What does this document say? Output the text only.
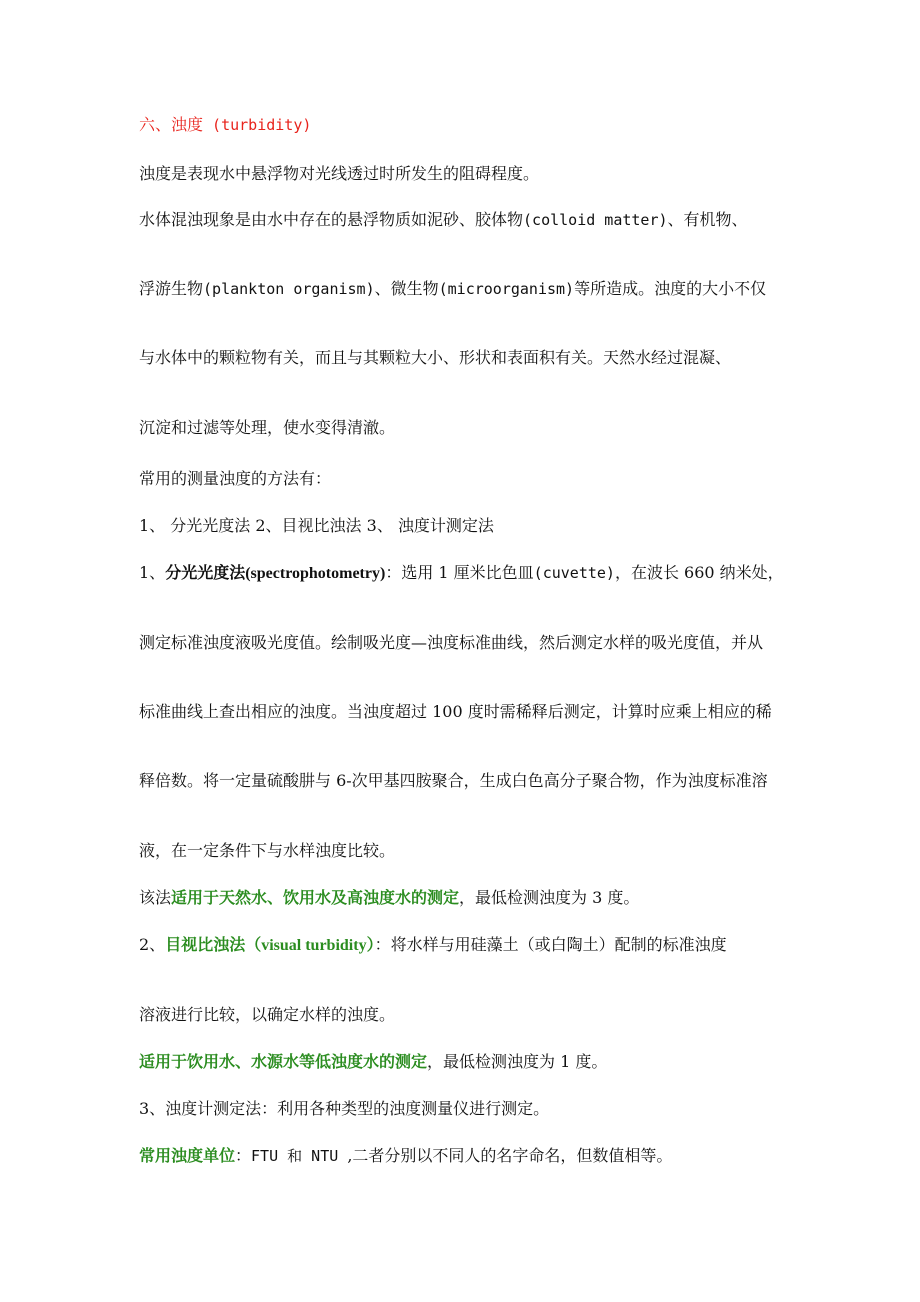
六、浊度 (turbidity)
浊度是表现水中悬浮物对光线透过时所发生的阻碍程度。
水体混浊现象是由水中存在的悬浮物质如泥砂、胶体物(colloid matter)、有机物、
浮游生物(plankton organism)、微生物(microorganism)等所造成。浊度的大小不仅
与水体中的颗粒物有关，而且与其颗粒大小、形状和表面积有关。天然水经过混凝、
沉淀和过滤等处理，使水变得清澈。
常用的测量浊度的方法有：
1、 分光光度法 2、目视比浊法 3、 浊度计测定法
1、分光光度法(spectrophotometry)：选用 1 厘米比色皿(cuvette)，在波长 660 纳米处，
测定标准浊度液吸光度值。绘制吸光度—浊度标准曲线，然后测定水样的吸光度值，并从
标准曲线上查出相应的浊度。当浊度超过 100 度时需稀释后测定，计算时应乘上相应的稀
释倍数。将一定量硫酸肼与 6-次甲基四胺聚合，生成白色高分子聚合物，作为浊度标准溶
液，在一定条件下与水样浊度比较。
该法适用于天然水、饮用水及高浊度水的测定，最低检测浊度为 3 度。
2、目视比浊法（visual turbidity）：将水样与用硅藻土（或白陶土）配制的标准浊度
溶液进行比较，以确定水样的浊度。
适用于饮用水、水源水等低浊度水的测定，最低检测浊度为 1 度。
3、浊度计测定法：利用各种类型的浊度测量仪进行测定。
常用浊度单位：FTU 和 NTU ,二者分别以不同人的名字命名，但数值相等。
